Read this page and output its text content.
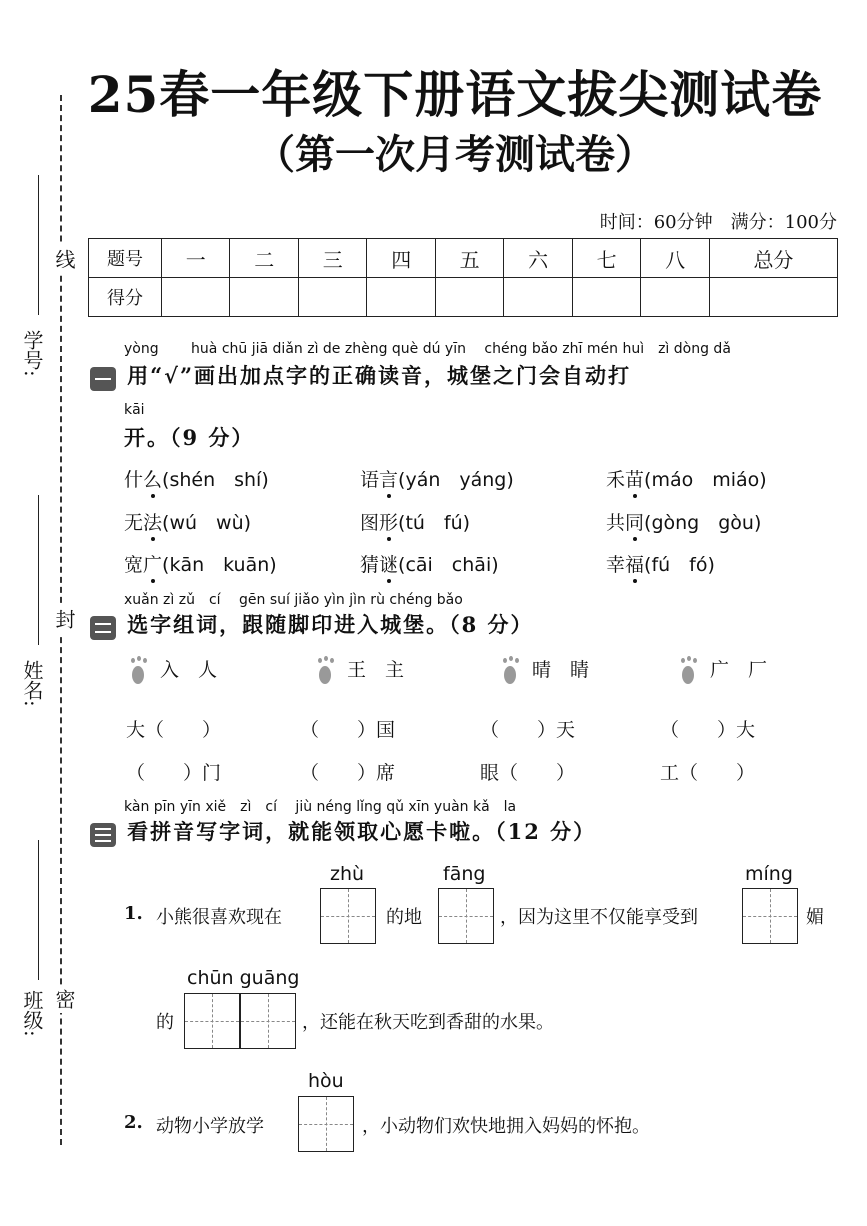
学号:
线
姓名:
封
班级: 密
25春一年级下册语文拔尖测试卷
（第一次月考测试卷）
时间：60分钟　满分：100分
题号	一	二	三	四	五	六	七	八	总分
得分									
yòng　 　huà chū jiā diǎn zì de zhèng què dú yīn　 chéng bǎo zhī mén huì　zì dòng dǎ
用“√”画出加点字的正确读音，城堡之门会自动打
kāi
开。（9 分）
什么(shén　shí)	语言(yán　yáng)	禾苗(máo　miáo)
无法(wú　wù)	图形(tú　fú)	共同(gòng　gòu)
宽广(kān　kuān)	猜谜(cāi　chāi)	幸福(fú　fó)
xuǎn zì zǔ　cí　 gēn suí jiǎo yìn jìn rù chéng bǎo
选字组词，跟随脚印进入城堡。（8 分）
入　人	王　主	晴　睛	广　厂
大（　　）	（　　）国	（　　）天	（　　）大
（　　）门	（　　）席	眼（　　）	工（　　）
kàn pīn yīn xiě　zì　cí　 jiù néng lǐng qǔ xīn yuàn kǎ　la
看拼音写字词，就能领取心愿卡啦。（12 分）
1. 小熊很喜欢现在
zhù
的地
fāng
，因为这里不仅能享受到
míng
媚
的
chūn guāng
，还能在秋天吃到香甜的水果。
2. 动物小学放学
hòu
，小动物们欢快地拥入妈妈的怀抱。
